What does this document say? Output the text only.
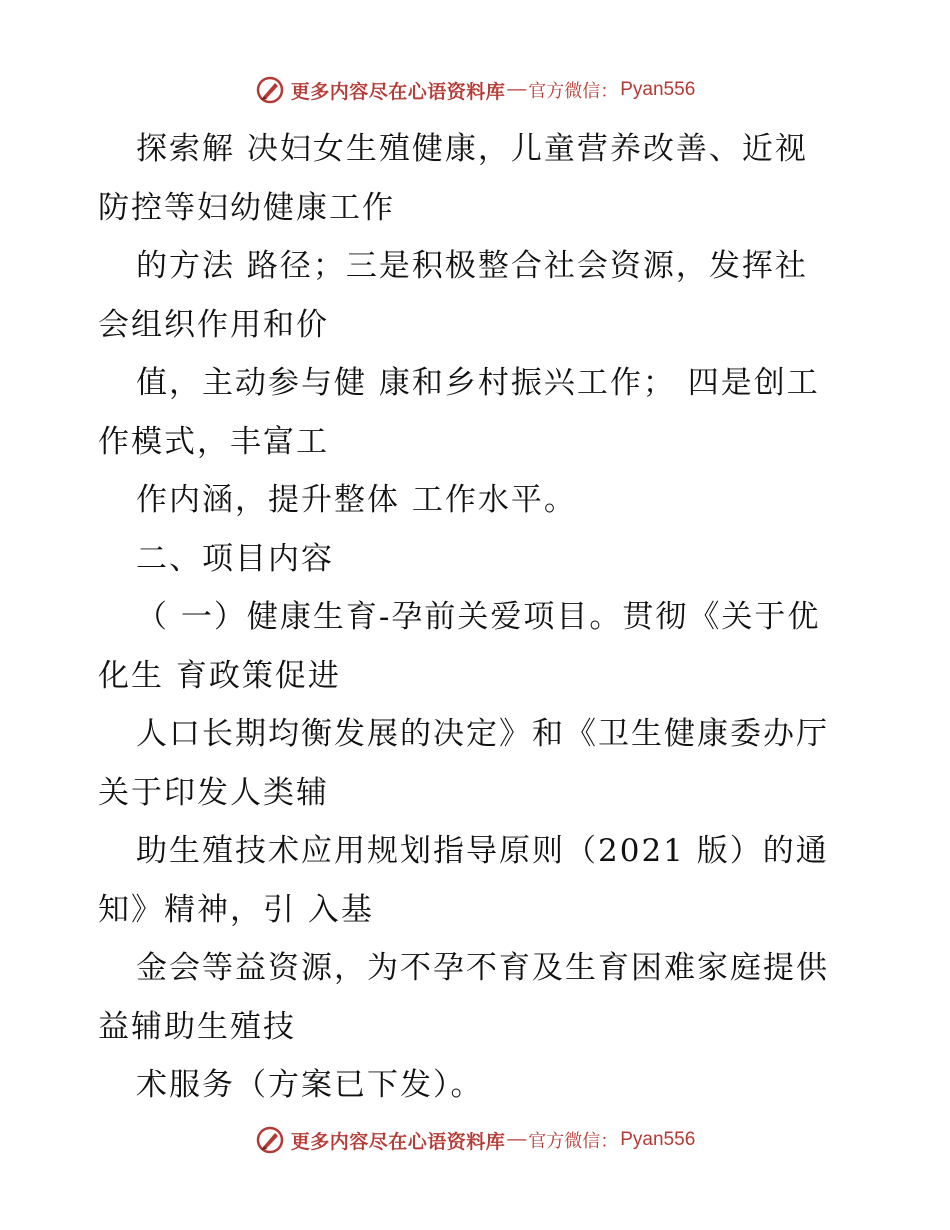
更多内容尽在心语资料库 — 官方微信： Pyan556
探索解 决妇女生殖健康，儿童营养改善、近视
防控等妇幼健康工作
的方法 路径；三是积极整合社会资源，发挥社
会组织作用和价
值，主动参与健 康和乡村振兴工作； 四是创工
作模式，丰富工
作内涵，提升整体 工作水平。
二、项目内容
（ 一）健康生育-孕前关爱项目。贯彻《关于优
化生 育政策促进
人口长期均衡发展的决定》和《卫生健康委办厅
关于印发人类辅
助生殖技术应用规划指导原则（2021 版）的通
知》精神，引 入基
金会等益资源，为不孕不育及生育困难家庭提供
益辅助生殖技
术服务（方案已下发）。
更多内容尽在心语资料库 — 官方微信： Pyan556
